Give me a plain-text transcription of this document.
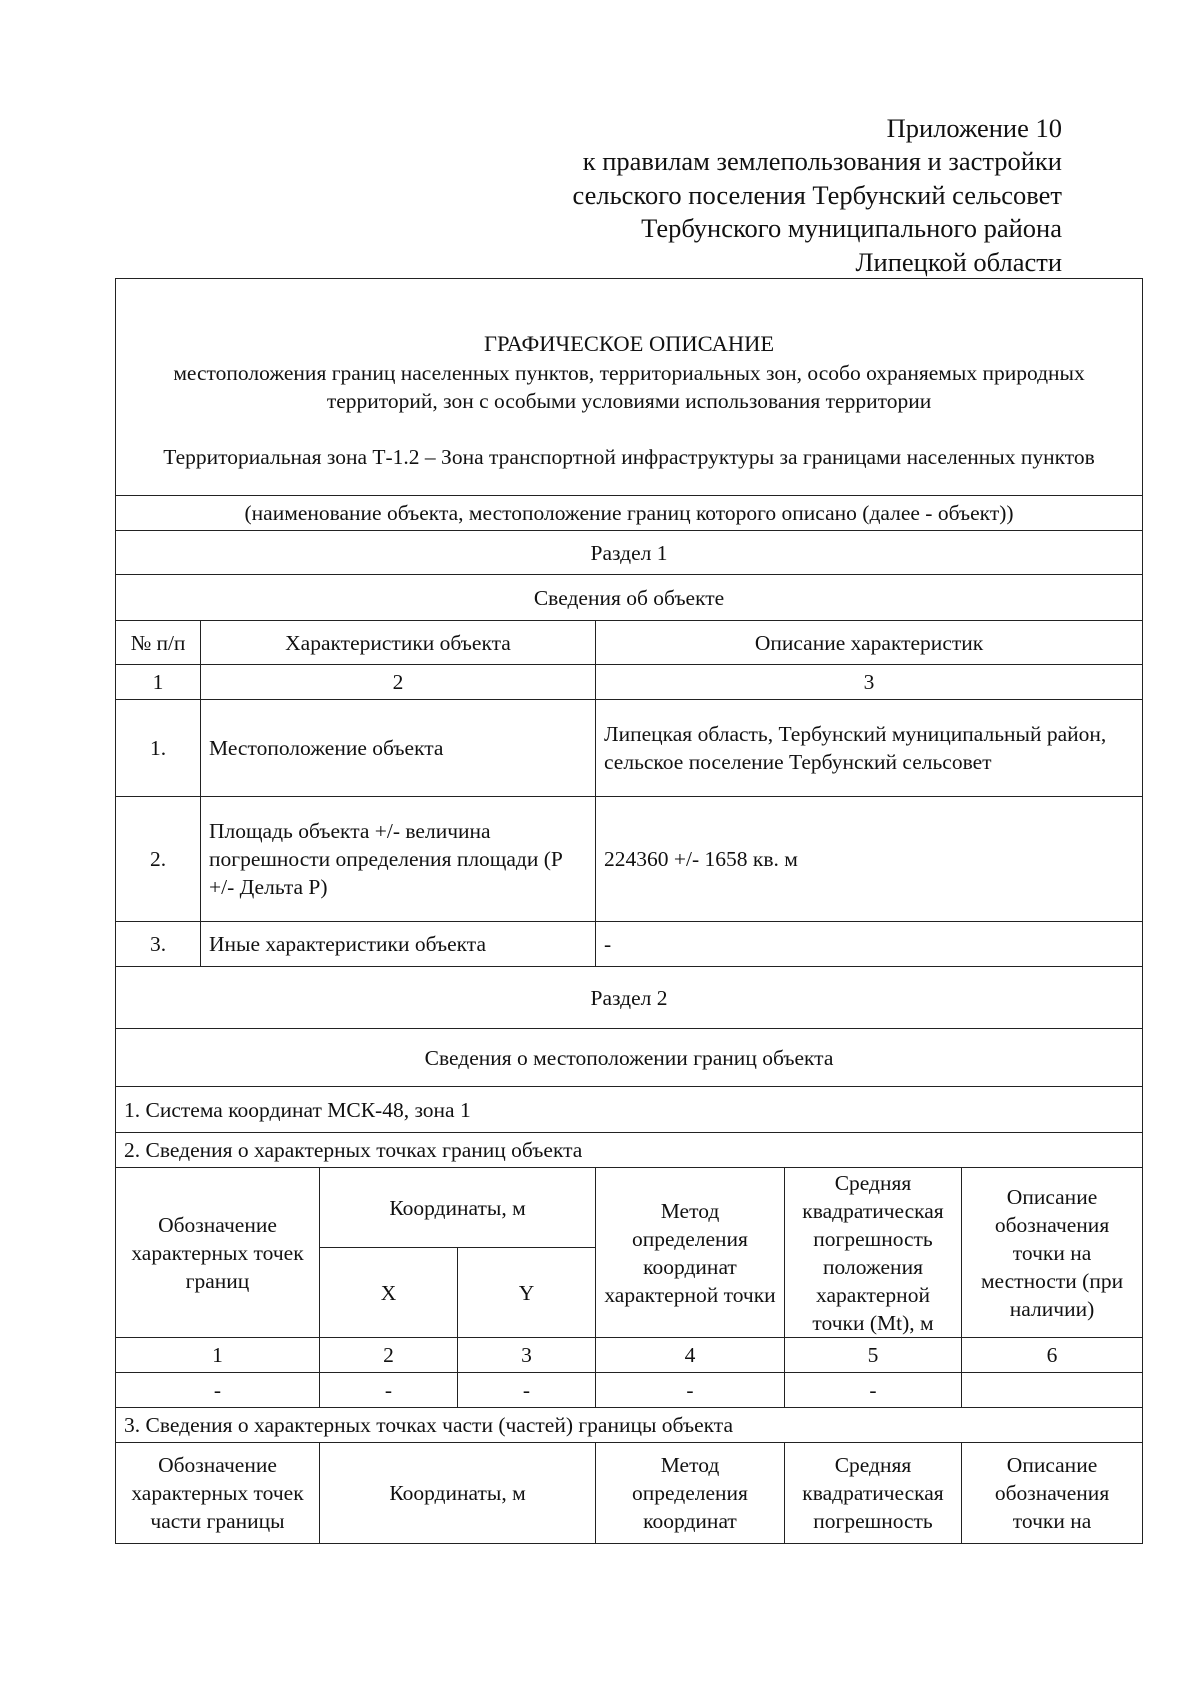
Приложение 10
к правилам землепользования и застройки
сельского поселения Тербунский сельсовет
Тербунского муниципального района
Липецкой области
ГРАФИЧЕСКОЕ ОПИСАНИЕ
местоположения границ населенных пунктов, территориальных зон, особо охраняемых природных территорий, зон с особыми условиями использования территории
Территориальная зона Т-1.2 – Зона транспортной инфраструктуры за границами населенных пунктов						

(наименование объекта, местоположение границ которого описано (далее - объект))						
Раздел 1						
Сведения об объекте						
№ п/п	Характеристики объекта			Описание характеристик		
1	2			3		
1.	Местоположение объекта			Липецкая область, Тербунский муниципальный район, сельское поселение Тербунский сельсовет		
2.	Площадь объекта +/- величина погрешности определения площади (P +/- Дельта P)			224360 +/- 1658 кв. м		
3.	Иные характеристики объекта			-		
Раздел 2						
Сведения о местоположении границ объекта						
1. Система координат МСК-48, зона 1						
2. Сведения о характерных точках границ объекта						
Обозначение характерных точек границ		Координаты, м		Метод определения координат характерной точки	Средняя квадратическая погрешность положения характерной точки (Mt), м	Описание обозначения точки на местности (при наличии)
		X	Y			
1		2	3	4	5	6
-		-	-	-	-	
3. Сведения о характерных точках части (частей) границы объекта						
Обозначение характерных точек части границы		Координаты, м		Метод определения координат	Средняя квадратическая погрешность	Описание обозначения точки на
